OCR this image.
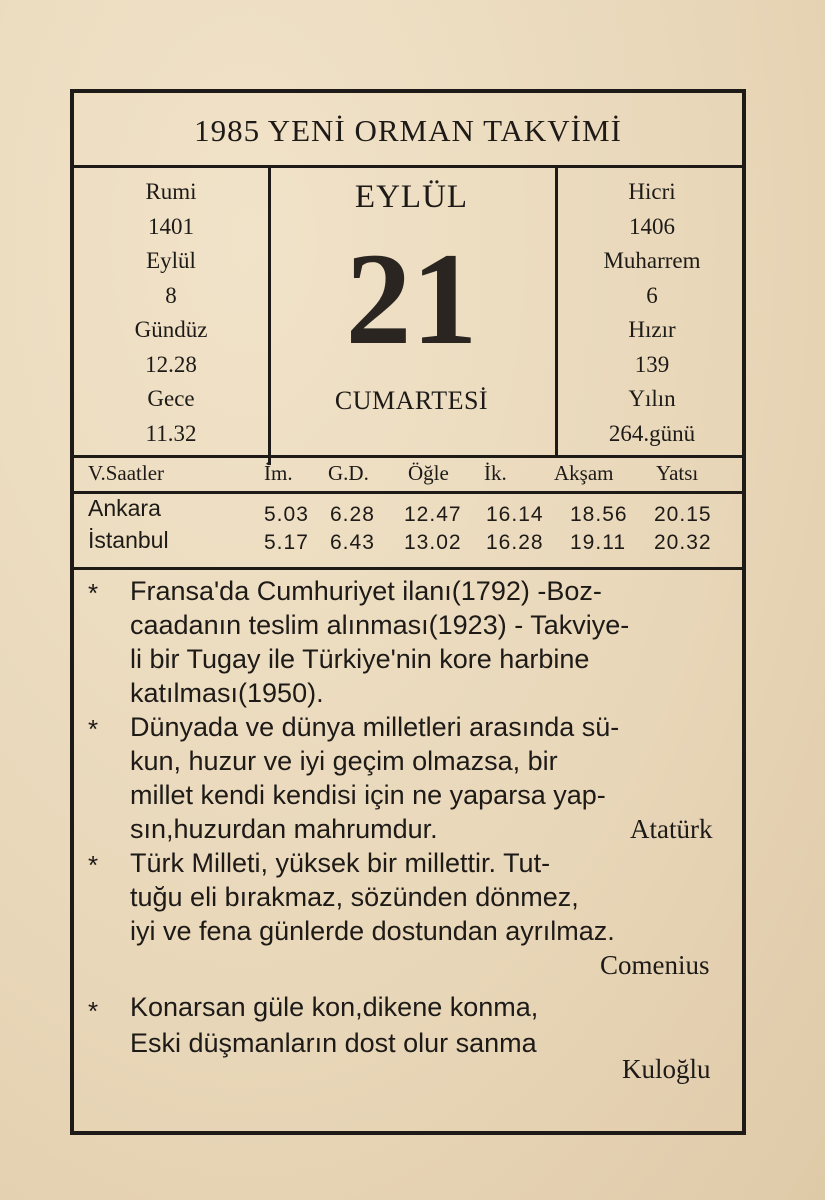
1985 YENİ ORMAN TAKVİMİ
Rumi
1401
Eylül
8
Gündüz
12.28
Gece
11.32
EYLÜL
21
CUMARTESİ
Hicri
1406
Muharrem
6
Hızır
139
Yılın
264.günü
V.Saatler	İm. G.D. Öğle İk. Akşam Yatsı
Ankara	5.03 6.28 12.47 16.14 18.56 20.15
İstanbul	5.17 6.43 13.02 16.28 19.11 20.32
* Fransa'da Cumhuriyet ilanı(1792) -Boz-
caadanın teslim alınması(1923) - Takviye-
li bir Tugay ile Türkiye'nin kore harbine
katılması(1950).
* Dünyada ve dünya milletleri arasında sü-
kun, huzur ve iyi geçim olmazsa, bir
millet kendi kendisi için ne yaparsa yap-
sın,huzurdan mahrumdur.	Atatürk
* Türk Milleti, yüksek bir millettir. Tut-
tuğu eli bırakmaz, sözünden dönmez,
iyi ve fena günlerde dostundan ayrılmaz.
Comenius
* Konarsan güle kon,dikene konma,
Eski düşmanların dost olur sanma
Kuloğlu
